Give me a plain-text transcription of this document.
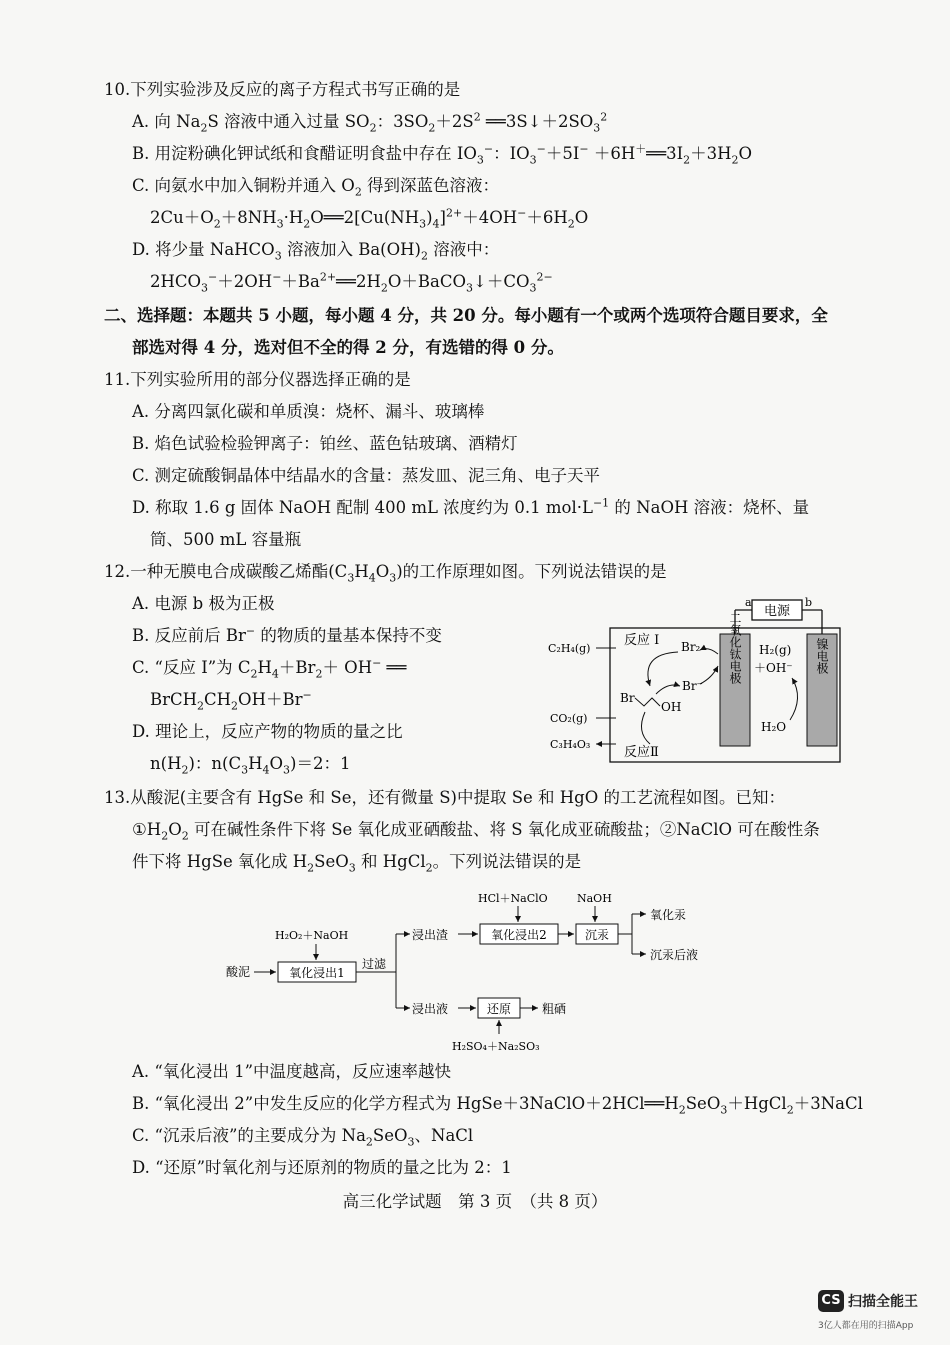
10.下列实验涉及反应的离子方程式书写正确的是
A. 向 $Na_2S$ 溶液中通入过量 $SO_2$：$3SO_2+2S^2$ $══3S↓+2SO_3^2$
B. 用淀粉碘化钾试纸和食醋证明食盐中存在 $IO_3^-$：$IO_3^-+5I^-$ $+6H^+══3I_2+3H_2O$
C. 向氨水中加入铜粉并通入 $O_2$ 得到深蓝色溶液：
$2Cu+O_2+8NH_3\cdot H_2O══2[Cu(NH_3)_4]^{2+}+4OH^-+6H_2O$
D. 将少量 NaHCO$_3$ 溶液加入 $Ba(OH)_2$ 溶液中：
$2HCO_3^-+2OH^-+Ba^{2+}══2H_2O+BaCO_3↓+CO_3^{2-}$
二、选择题：本题共 5 小题，每小题 4 分，共 20 分。每小题有一个或两个选项符合题目要求，全
部选对得 4 分，选对但不全的得 2 分，有选错的得 0 分。
11.下列实验所用的部分仪器选择正确的是
A. 分离四氯化碳和单质溴：烧杯、漏斗、玻璃棒
B. 焰色试验检验钾离子：铂丝、蓝色钴玻璃、酒精灯
C. 测定硫酸铜晶体中结晶水的含量：蒸发皿、泥三角、电子天平
D. 称取 1.6 g 固体 NaOH 配制 400 mL 浓度约为 0.1 $mol\cdot L^{-1}$ 的 NaOH 溶液：烧杯、量
筒、500 mL 容量瓶
12.一种无膜电合成碳酸乙烯酯$(C_3H_4O_3)$的工作原理如图。下列说法错误的是
A. 电源 b 极为正极
B. 反应前后 Br− 的物质的量基本保持不变
C. “反应 I”为 $C_2H_4+Br_2+ OH^-$ ══
$BrCH_2CH_2OH+Br^-$
D. 理论上，反应产物的物质的量之比
$n(H_2)$：$n(C_3H_4O_3)=2$：1
电源
a	b
二氧化钛电极	镍电极
C₂H₄(g)
反应 I Br₂
Br⁻
Br
OH
CO₂(g)
C₃H₄O₃
反应Ⅱ
H₂(g)
＋OH⁻
H₂O
13.从酸泥(主要含有 HgSe 和 Se，还有微量 S)中提取 Se 和 HgO 的工艺流程如图。已知：
$①H_2O_2$ 可在碱性条件下将 Se 氧化成亚硒酸盐、将 S 氧化成亚硫酸盐；②NaClO 可在酸性条
件下将 HgSe 氧化成 $H_2SeO_3$ 和 HgCl$_2$。下列说法错误的是
H₂O₂＋NaOH
酸泥	氧化浸出1
过滤
浸出渣
HCl＋NaClO
氧化浸出2
NaOH
沉汞
氧化汞
沉汞后液
浸出液	还原	粗硒
H₂SO₄＋Na₂SO₃
A. “氧化浸出 1”中温度越高，反应速率越快
B. “氧化浸出 2”中发生反应的化学方程式为 $HgSe+3NaClO+2HCl══H_2SeO_3+HgCl_2+3NaCl$
C. “沉汞后液”的主要成分为 $Na_2SeO_3$、NaCl
D. “还原”时氧化剂与还原剂的物质的量之比为 2：1
高三化学试题　第 3 页　（共 8 页）
CS 扫描全能王
3亿人都在用的扫描App
